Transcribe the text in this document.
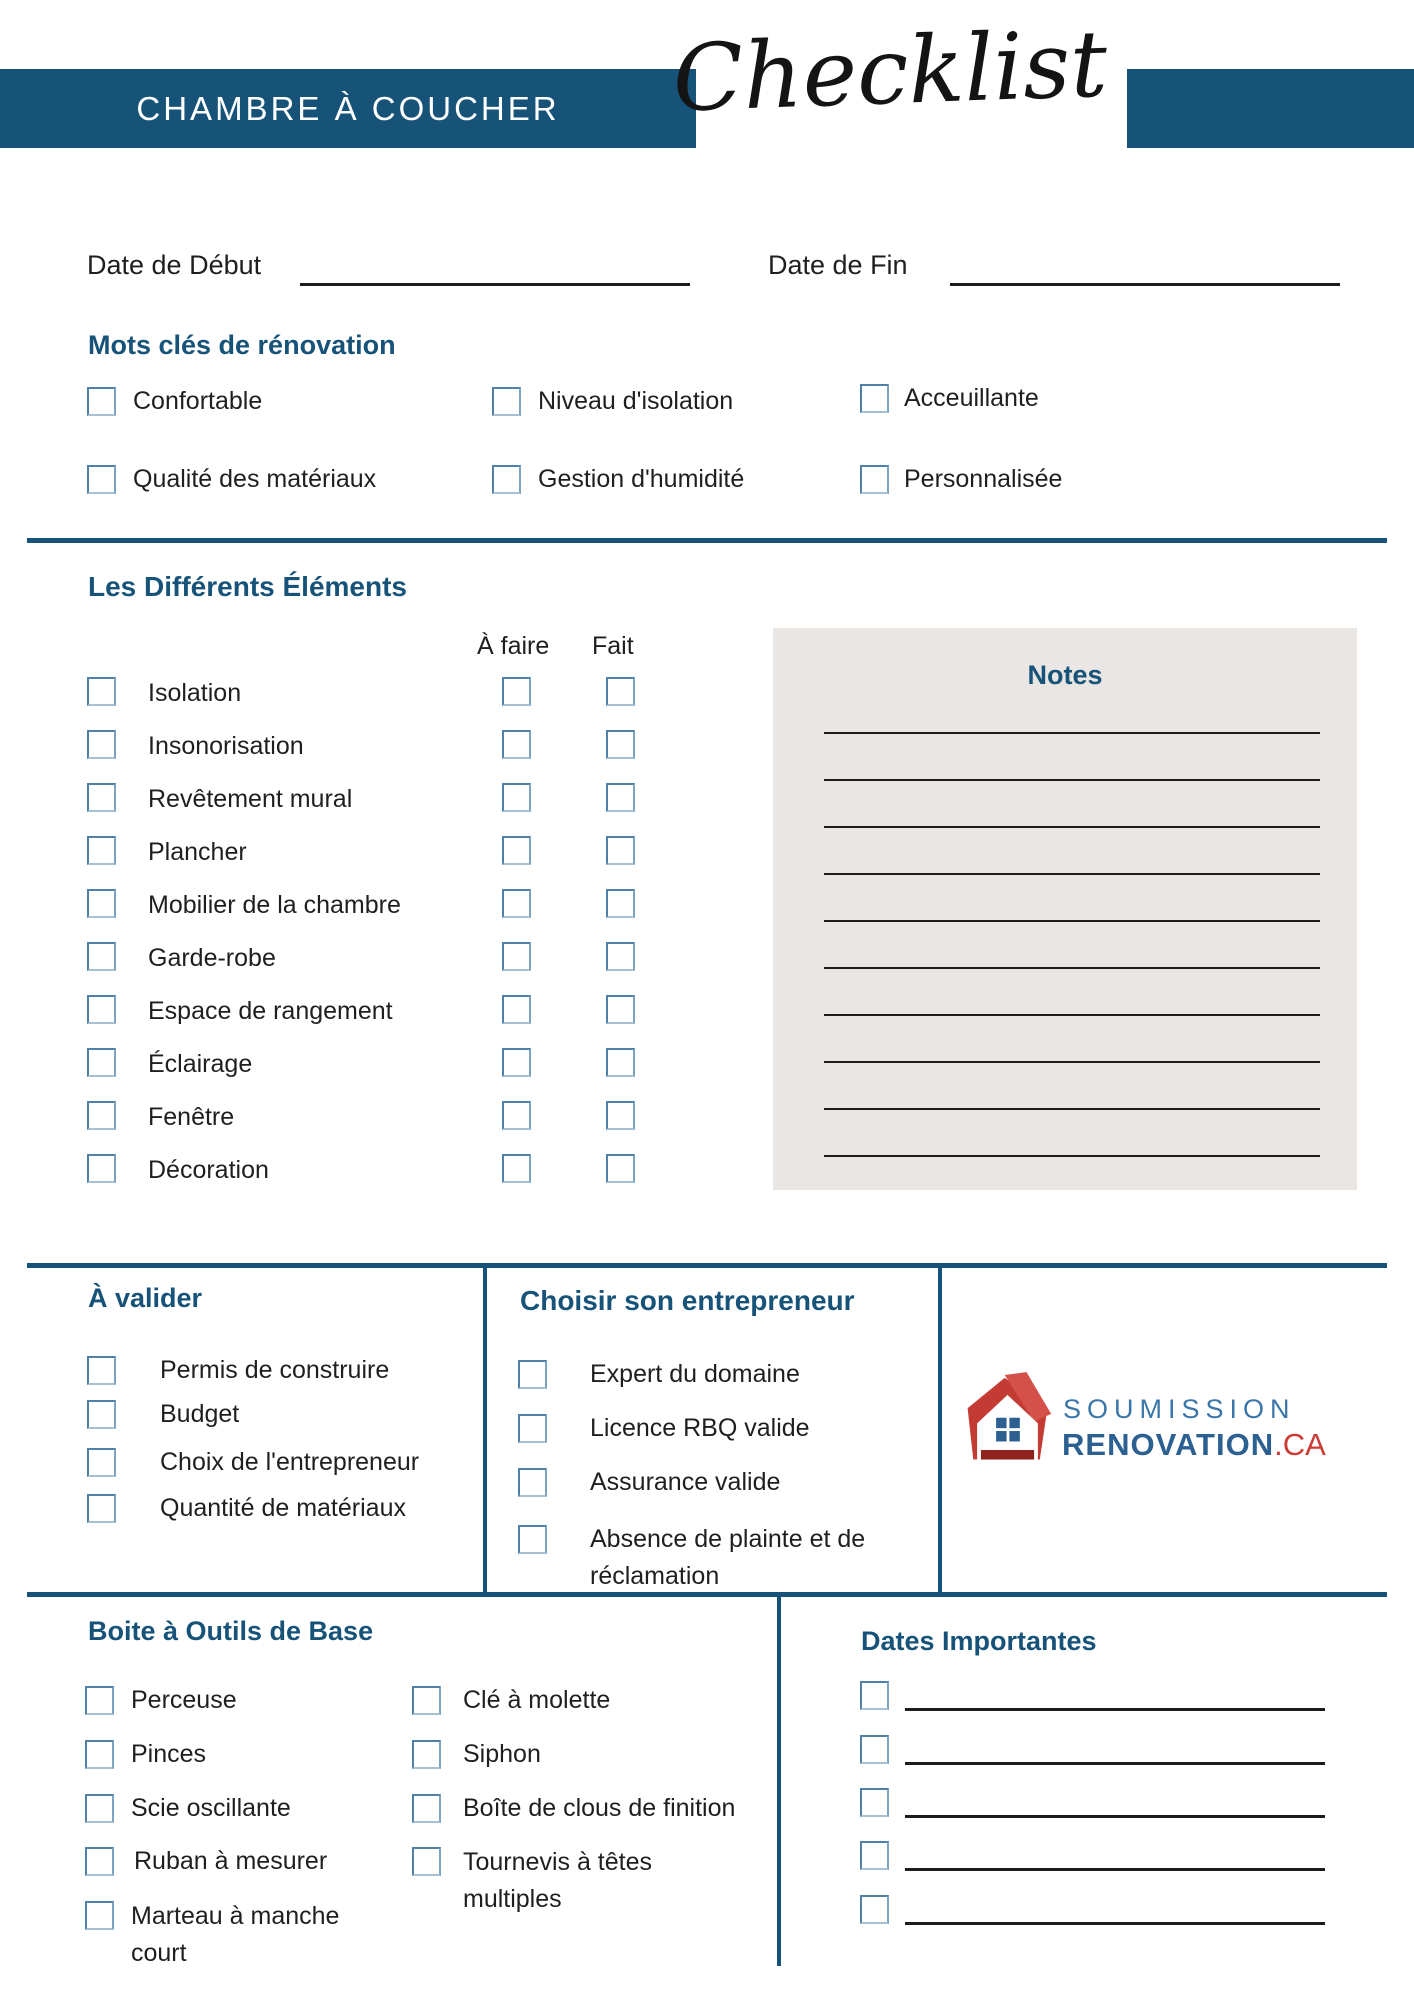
CHAMBRE À COUCHER	Checklist
Date de Début	Date de Fin
Mots clés de rénovation
Confortable	Niveau d'isolation	Acceuillante
Qualité des matériaux	Gestion d'humidité	Personnalisée
Les Différents Éléments
À faire Fait
Isolation
Insonorisation
Revêtement mural
Plancher
Mobilier de la chambre
Garde-robe
Espace de rangement
Éclairage
Fenêtre
Décoration
Notes
À valider
Permis de construire
Budget
Choix de l'entrepreneur
Quantité de matériaux
Choisir son entrepreneur
Expert du domaine
Licence RBQ valide
Assurance valide
Absence de plainte et de réclamation
SOUMISSION
RENOVATION.CA
Boite à Outils de Base
Perceuse
Pinces
Scie oscillante
Ruban à mesurer
Marteau à manche court
Clé à molette
Siphon
Boîte de clous de finition
Tournevis à têtes multiples
Dates Importantes
